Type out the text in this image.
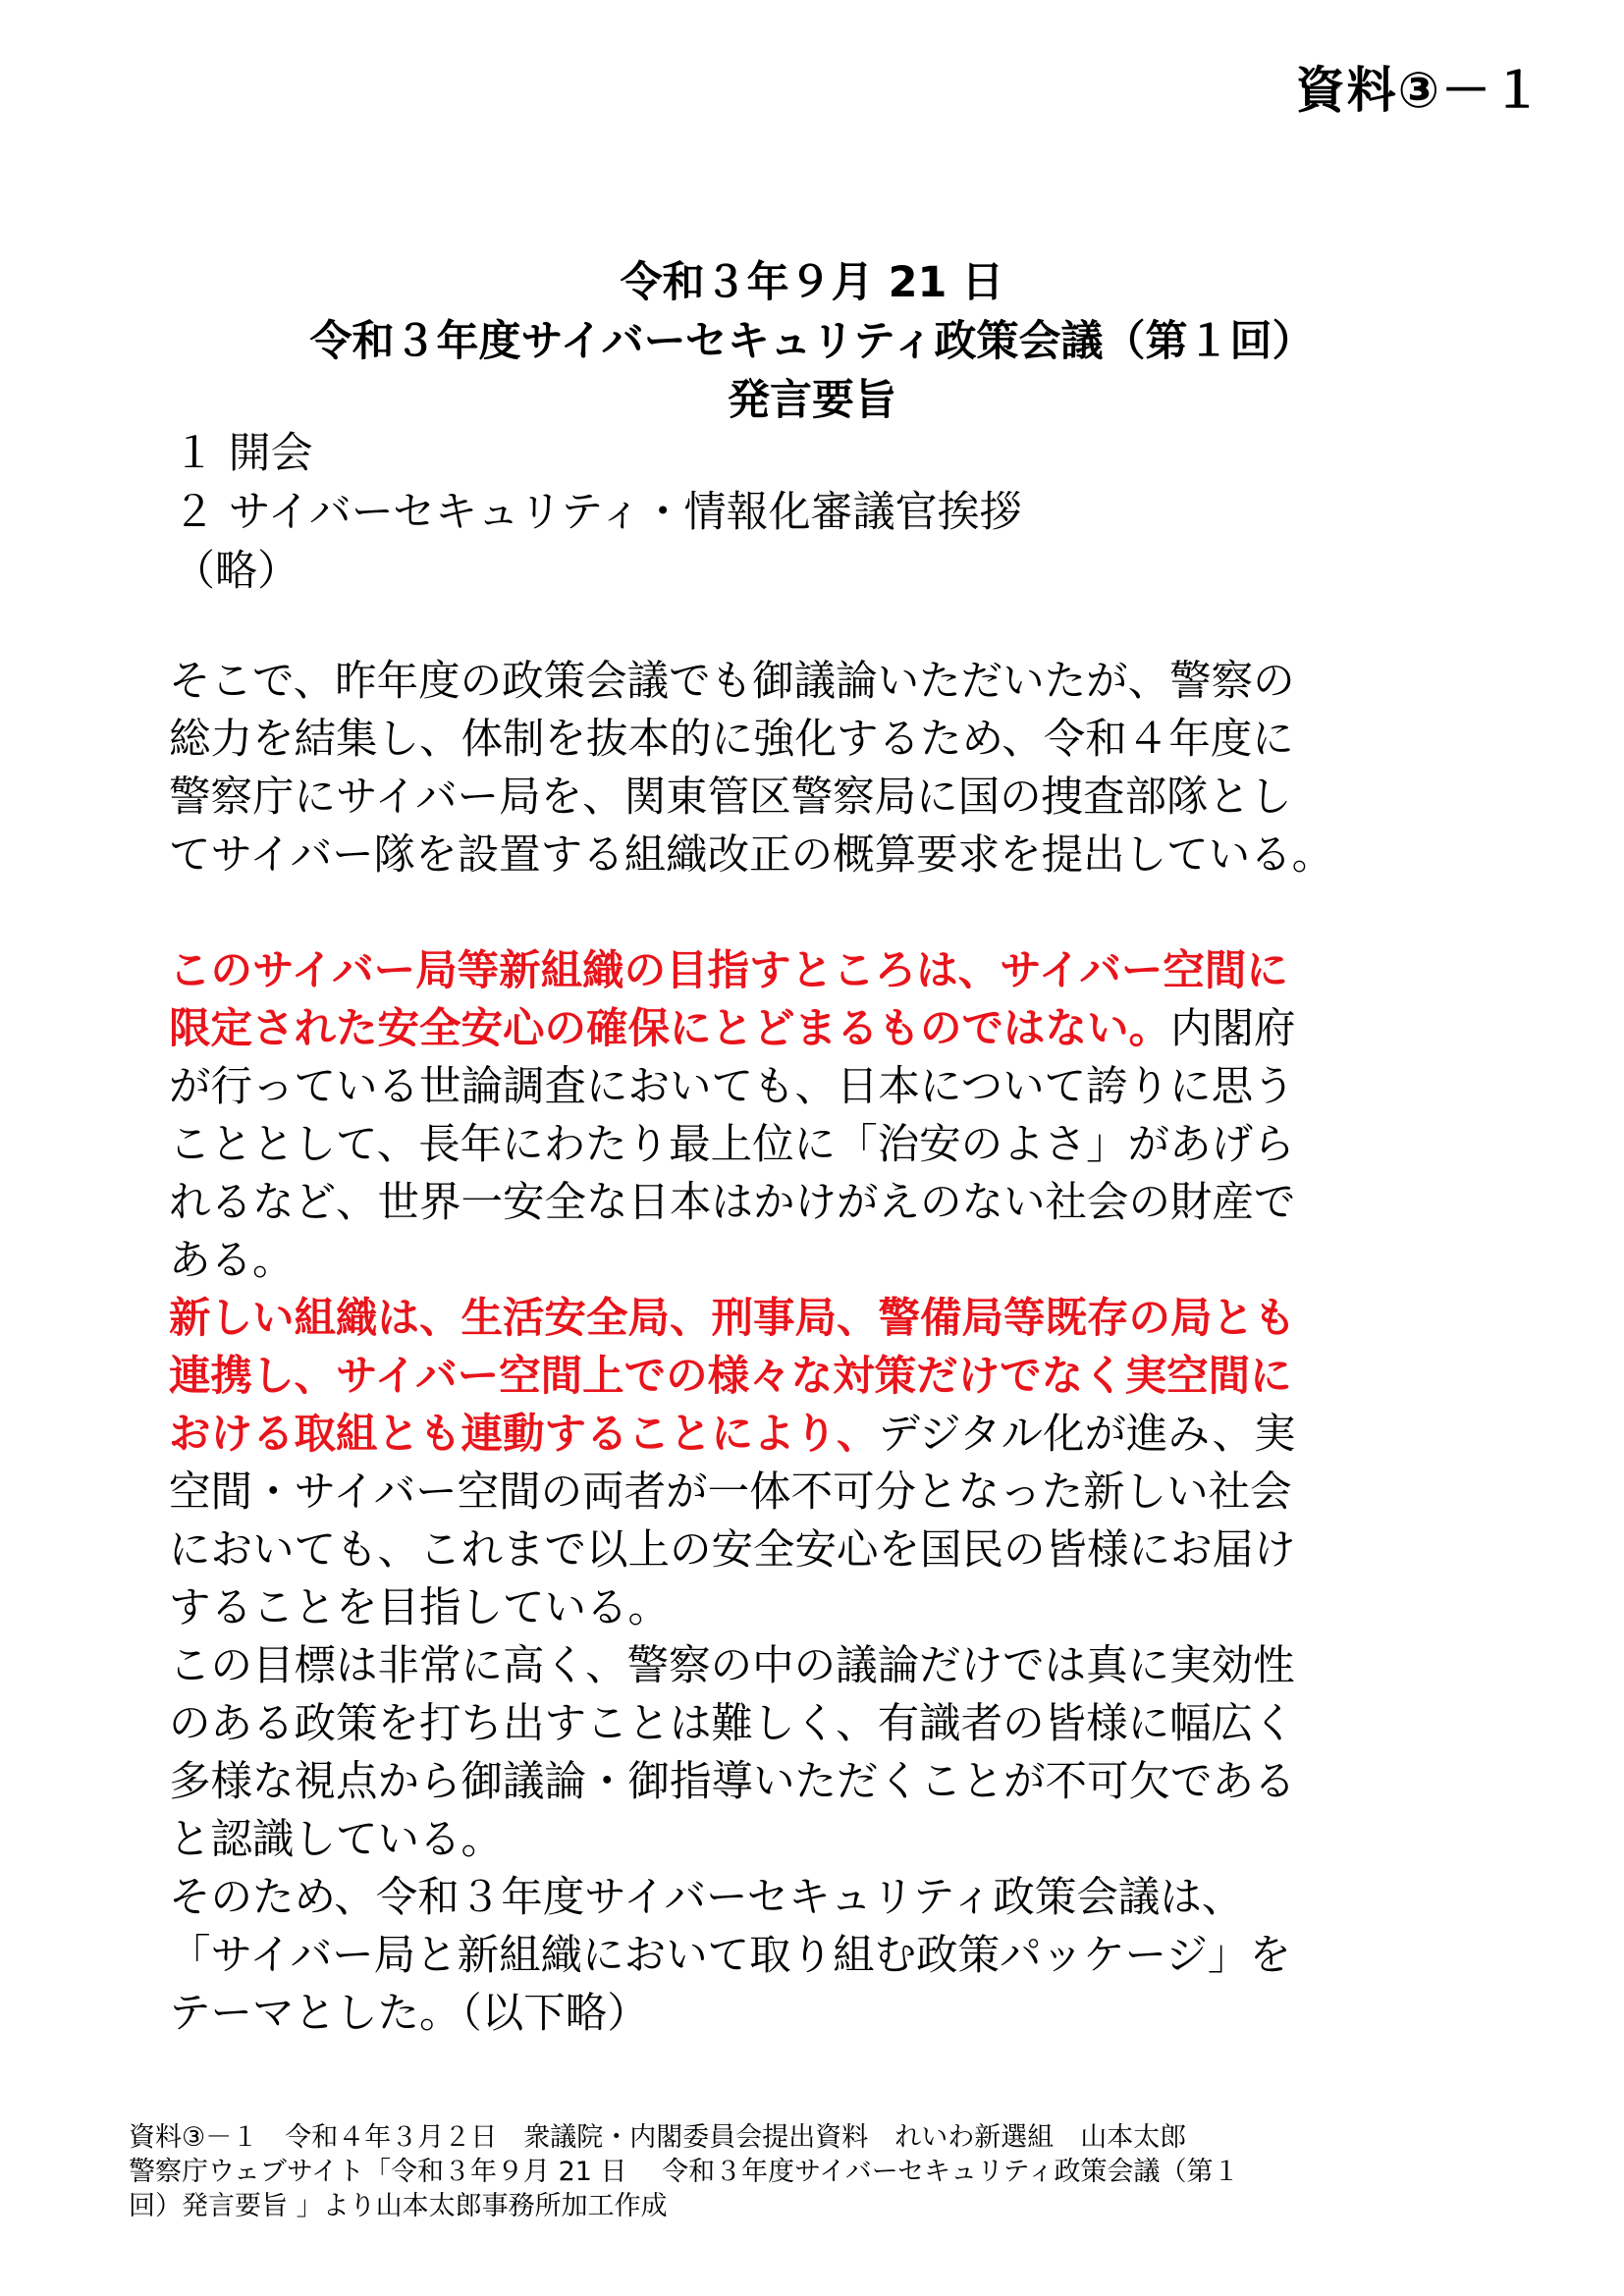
資料③－１
令和３年９月 21 日
令和３年度サイバーセキュリティ政策会議（第１回）
発言要旨
１ 開会
２ サイバーセキュリティ・情報化審議官挨拶
（略）
そこで、昨年度の政策会議でも御議論いただいたが、警察の
総力を結集し、体制を抜本的に強化するため、令和４年度に
警察庁にサイバー局を、関東管区警察局に国の捜査部隊とし
てサイバー隊を設置する組織改正の概算要求を提出している。
このサイバー局等新組織の目指すところは、サイバー空間に
限定された安全安心の確保にとどまるものではない。内閣府
が行っている世論調査においても、日本について誇りに思う
こととして、長年にわたり最上位に「治安のよさ」があげら
れるなど、世界一安全な日本はかけがえのない社会の財産で
ある。
新しい組織は、生活安全局、刑事局、警備局等既存の局とも
連携し、サイバー空間上での様々な対策だけでなく実空間に
おける取組とも連動することにより、デジタル化が進み、実
空間・サイバー空間の両者が一体不可分となった新しい社会
においても、これまで以上の安全安心を国民の皆様にお届け
することを目指している。
この目標は非常に高く、警察の中の議論だけでは真に実効性
のある政策を打ち出すことは難しく、有識者の皆様に幅広く
多様な視点から御議論・御指導いただくことが不可欠である
と認識している。
そのため、令和３年度サイバーセキュリティ政策会議は、
「サイバー局と新組織において取り組む政策パッケージ」を
テーマとした。（以下略）
資料③－１　令和４年３月２日　衆議院・内閣委員会提出資料　れいわ新選組　山本太郎
警察庁ウェブサイト「令和３年９月 21 日　 令和３年度サイバーセキュリティ政策会議（第１
回）発言要旨 」より山本太郎事務所加工作成
